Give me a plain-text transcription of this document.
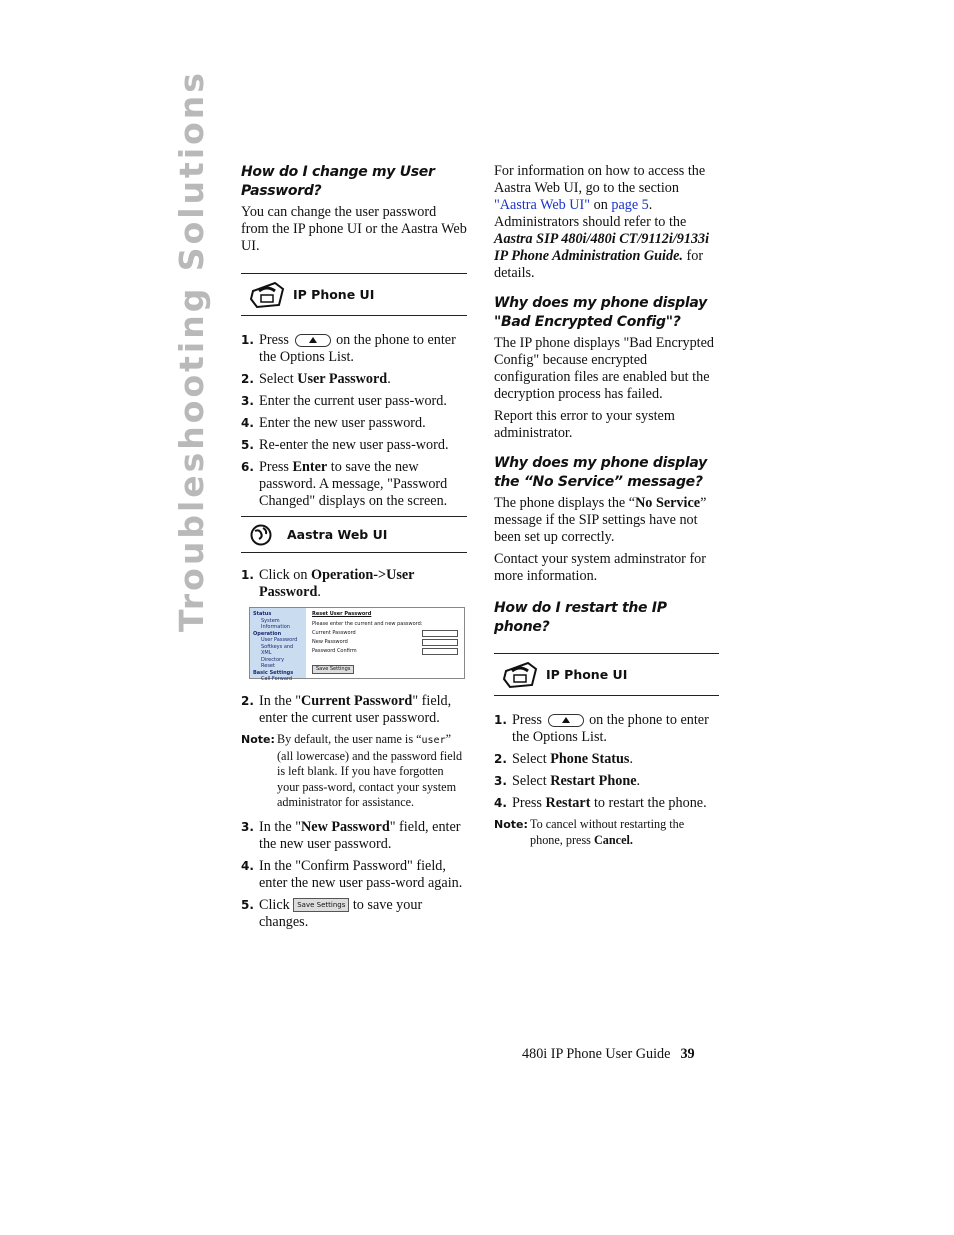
Troubleshooting Solutions	How do I change my User Password?

You can change the user password from the IP phone UI or the Aastra Web UI.

IP Phone UI
1. Press	on the phone to enter the Options List.
2. Select User Password.
3. Enter the current user pass-word.
4. Enter the new user password.
5. Re-enter the new user pass-word.
6. Press Enter to save the new password. A message, "Password Changed" displays on the screen.
Aastra Web UI
1. Click on Operation->User Password.
Status
System Information
Operation
User Password
Softkeys and XML
Directory
Reset
Basic Settings
Call Forward
Reset User Password
Please enter the current and new password:
Current Password
New Password
Password Confirm
Save Settings
2. In the "Current Password" field, enter the current user password.
Note: By default, the user name is “user” (all lowercase) and the password field is left blank. If you have forgotten your pass-word, contact your system administrator for assistance.
3. In the "New Password" field, enter the new user password.
4. In the "Confirm Password" field, enter the new user pass-word again.
5. Click Save Settings to save your changes.

For information on how to access the Aastra Web UI, go to the section "Aastra Web UI" on page 5. Administrators should refer to the Aastra SIP 480i/480i CT/9112i/9133i IP Phone Administration Guide. for details.

Why does my phone display "Bad Encrypted Config"?

The IP phone displays "Bad Encrypted Config" because encrypted configuration files are enabled but the decryption process has failed.

Report this error to your system administrator.

Why does my phone display the “No Service” message?

The phone displays the “No Service” message if the SIP settings have not been set up correctly.

Contact your system adminstrator for more information.

How do I restart the IP phone?
IP Phone UI
1. Press	on the phone to enter the Options List.
2. Select Phone Status.
3. Select Restart Phone.
4. Press Restart to restart the phone.
Note: To cancel without restarting the phone, press Cancel.
480i IP Phone User Guide 39
